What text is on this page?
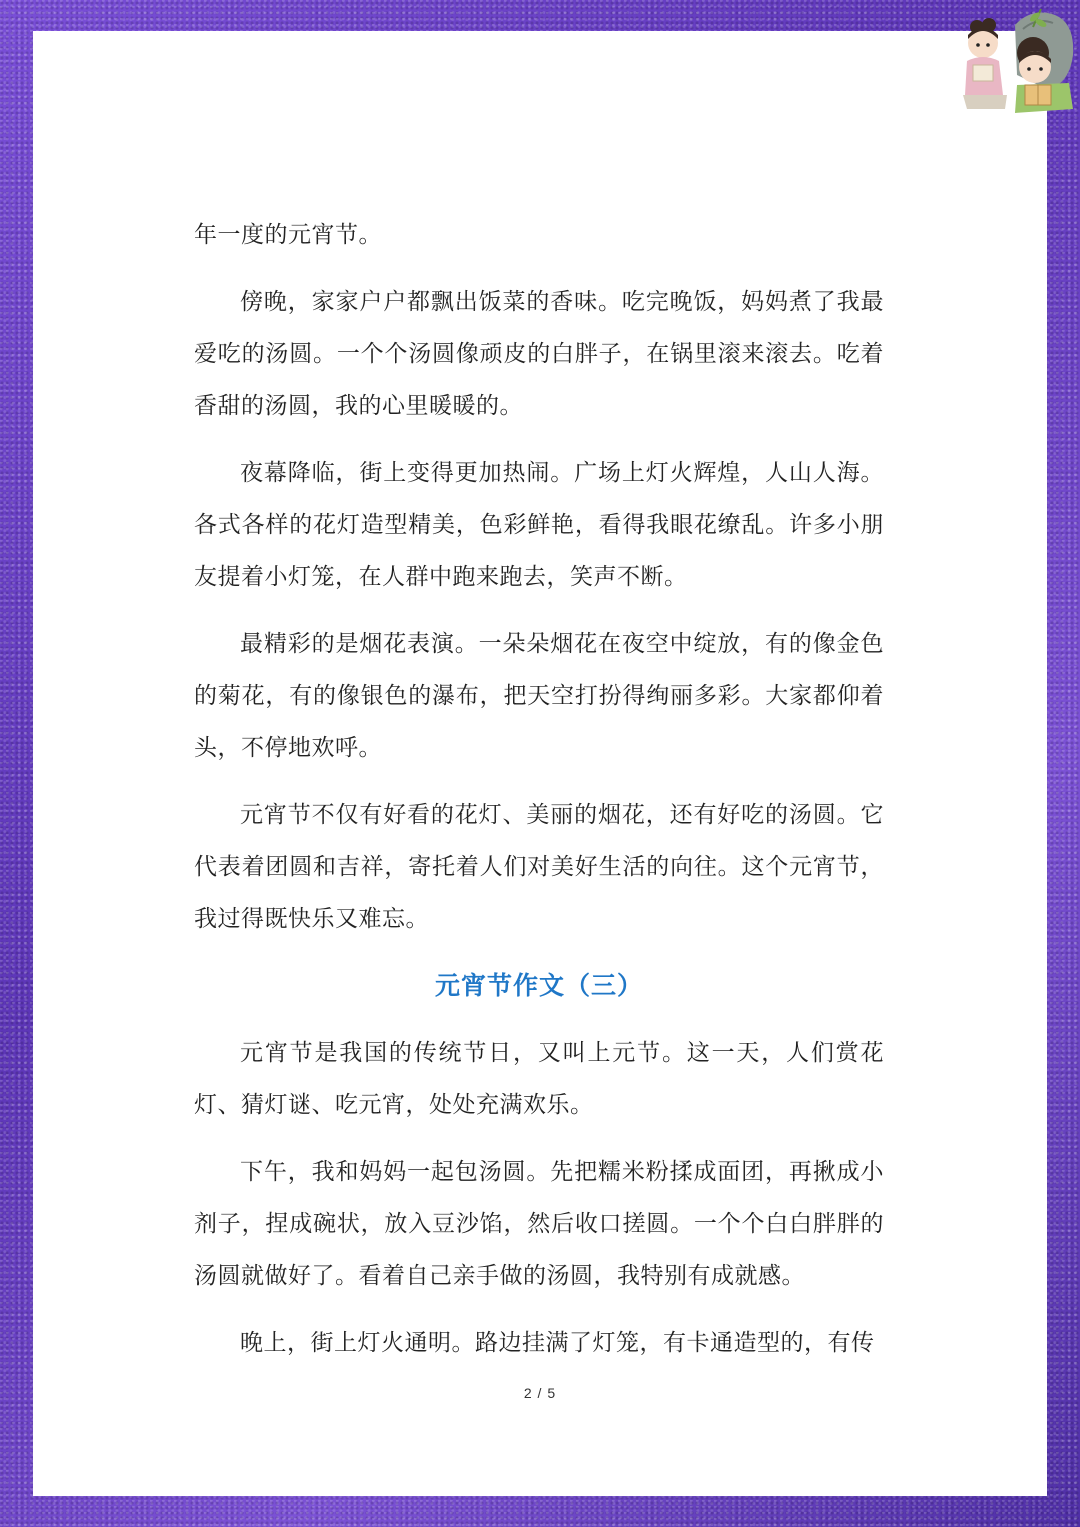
年一度的元宵节。

傍晚，家家户户都飘出饭菜的香味。吃完晚饭，妈妈煮了我最爱吃的汤圆。一个个汤圆像顽皮的白胖子，在锅里滚来滚去。吃着香甜的汤圆，我的心里暖暖的。

夜幕降临，街上变得更加热闹。广场上灯火辉煌，人山人海。各式各样的花灯造型精美，色彩鲜艳，看得我眼花缭乱。许多小朋友提着小灯笼，在人群中跑来跑去，笑声不断。

最精彩的是烟花表演。一朵朵烟花在夜空中绽放，有的像金色的菊花，有的像银色的瀑布，把天空打扮得绚丽多彩。大家都仰着头，不停地欢呼。

元宵节不仅有好看的花灯、美丽的烟花，还有好吃的汤圆。它代表着团圆和吉祥，寄托着人们对美好生活的向往。这个元宵节，我过得既快乐又难忘。

元宵节作文（三）

元宵节是我国的传统节日，又叫上元节。这一天，人们赏花灯、猜灯谜、吃元宵，处处充满欢乐。

下午，我和妈妈一起包汤圆。先把糯米粉揉成面团，再揪成小剂子，捏成碗状，放入豆沙馅，然后收口搓圆。一个个白白胖胖的汤圆就做好了。看着自己亲手做的汤圆，我特别有成就感。

晚上，街上灯火通明。路边挂满了灯笼，有卡通造型的，有传

2 / 5
